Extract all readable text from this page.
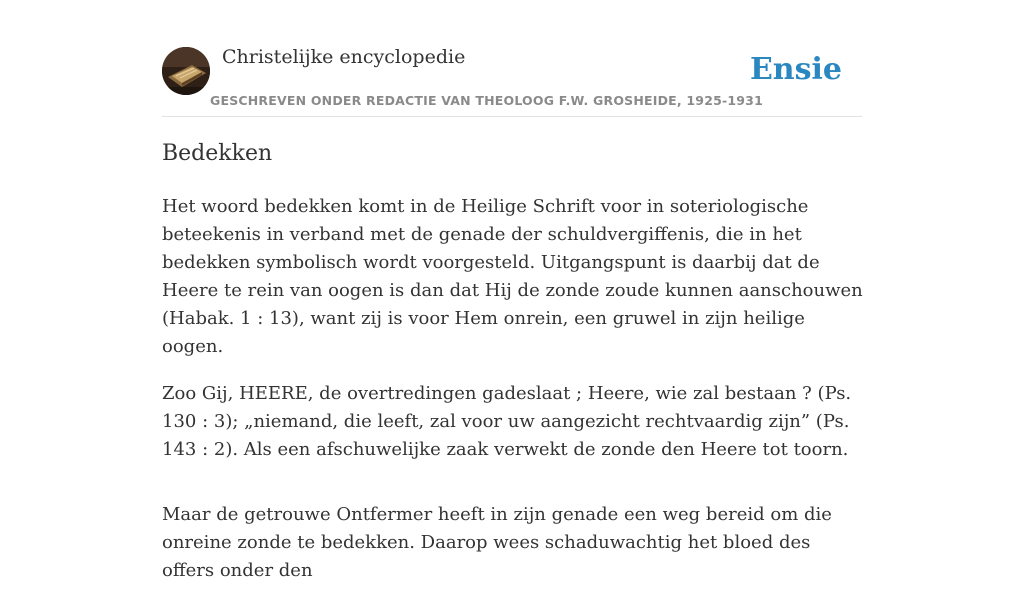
Christelijke encyclopedie
GESCHREVEN ONDER REDACTIE VAN THEOLOOG F.W. GROSHEIDE, 1925-1931
Ensie
Bedekken

Het woord bedekken komt in de Heilige Schrift voor in soteriologische beteekenis in verband met de genade der schuldvergiffenis, die in het bedekken symbolisch wordt voorgesteld. Uitgangspunt is daarbij dat de Heere te rein van oogen is dan dat Hij de zonde zoude kunnen aanschouwen (Habak. 1 : 13), want zij is voor Hem onrein, een gruwel in zijn heilige oogen.

Zoo Gij, HEERE, de overtredingen gadeslaat ; Heere, wie zal bestaan ? (Ps. 130 : 3); „niemand, die leeft, zal voor uw aangezicht rechtvaardig zijn” (Ps. 143 : 2). Als een afschuwelijke zaak verwekt de zonde den Heere tot toorn.

Maar de getrouwe Ontfermer heeft in zijn genade een weg bereid om die onreine zonde te bedekken. Daarop wees schaduwachtig het bloed des offers onder den
